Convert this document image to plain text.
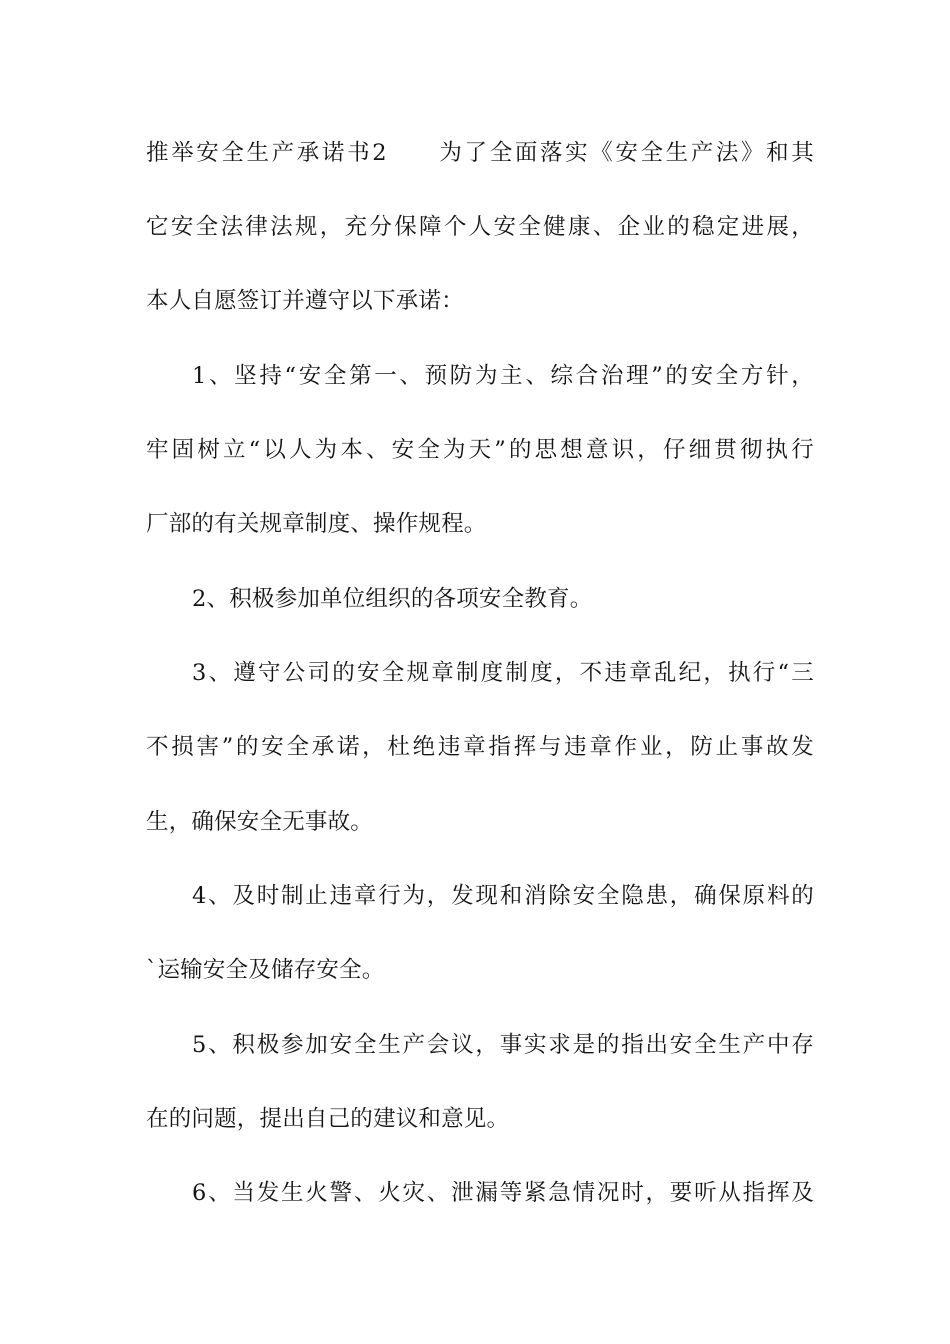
推举安全生产承诺书2　　为了全面落实《安全生产法》和其
它安全法律法规，充分保障个人安全健康、企业的稳定进展，
本人自愿签订并遵守以下承诺：
1、坚持“安全第一、预防为主、综合治理”的安全方针，
牢固树立“以人为本、安全为天”的思想意识，仔细贯彻执行
厂部的有关规章制度、操作规程。
2、积极参加单位组织的各项安全教育。
3、遵守公司的安全规章制度制度，不违章乱纪，执行“三
不损害”的安全承诺，杜绝违章指挥与违章作业，防止事故发
生，确保安全无事故。
4、及时制止违章行为，发现和消除安全隐患，确保原料的
`运输安全及储存安全。
5、积极参加安全生产会议，事实求是的指出安全生产中存
在的问题，提出自己的建议和意见。
6、当发生火警、火灾、泄漏等紧急情况时，要听从指挥及
